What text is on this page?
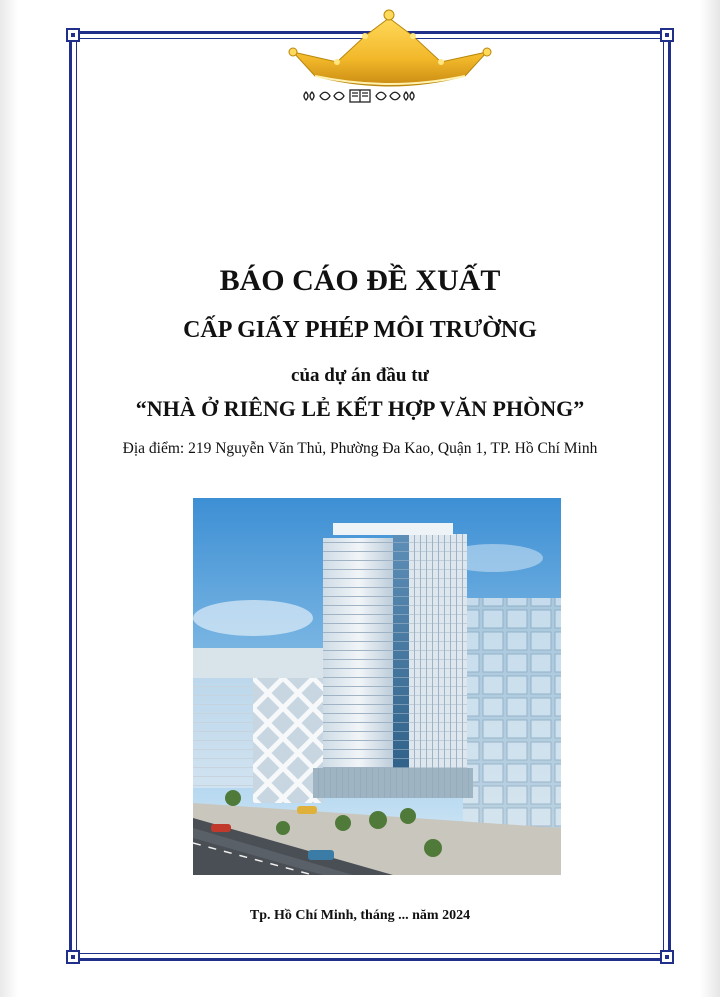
BÁO CÁO ĐỀ XUẤT
CẤP GIẤY PHÉP MÔI TRƯỜNG
của dự án đầu tư
“NHÀ Ở RIÊNG LẺ KẾT HỢP VĂN PHÒNG”
Địa điểm: 219 Nguyễn Văn Thủ, Phường Đa Kao, Quận 1, TP. Hồ Chí Minh
Tp. Hồ Chí Minh, tháng ... năm 2024
